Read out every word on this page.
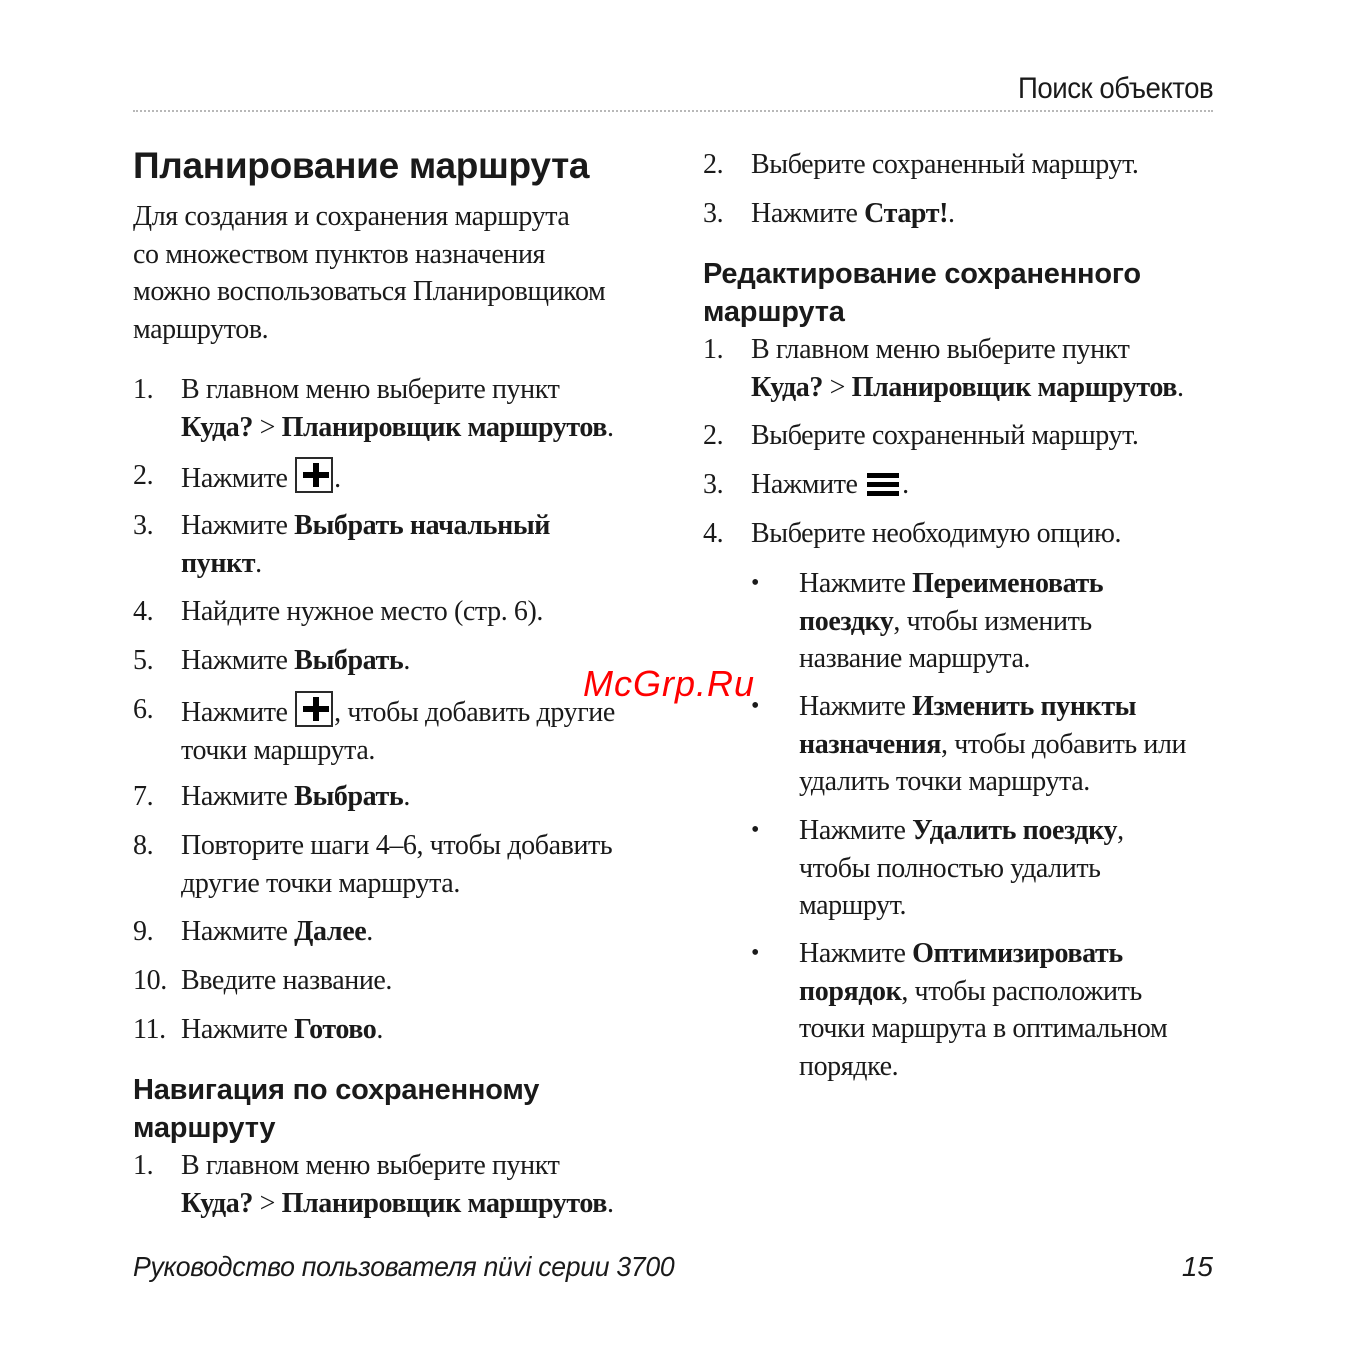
Поиск объектов
Планирование маршрута
Для создания и сохранения маршрута
со множеством пунктов назначения
можно воспользоваться Планировщиком
маршрутов.
1. В главном меню выберите пункт
Куда? > Планировщик маршрутов.
2. Нажмите .
3. Нажмите Выбрать начальный
пункт.
4. Найдите нужное место (стр. 6).
5. Нажмите Выбрать.
6. Нажмите , чтобы добавить другие
точки маршрута.
7. Нажмите Выбрать.
8. Повторите шаги 4–6, чтобы добавить
другие точки маршрута.
9. Нажмите Далее.
10. Введите название.
11. Нажмите Готово.
Навигация по сохраненному
маршруту
1. В главном меню выберите пункт
Куда? > Планировщик маршрутов.
2. Выберите сохраненный маршрут.
3. Нажмите Старт!.
Редактирование сохраненного
маршрута
1. В главном меню выберите пункт
Куда? > Планировщик маршрутов.
2. Выберите сохраненный маршрут.
3. Нажмите
.
4. Выберите необходимую опцию.
• Нажмите Переименовать
поездку, чтобы изменить
название маршрута.
• Нажмите Изменить пункты
назначения, чтобы добавить или
удалить точки маршрута.
• Нажмите Удалить поездку,
чтобы полностью удалить
маршрут.
• Нажмите Оптимизировать
порядок, чтобы расположить
точки маршрута в оптимальном
порядке.
McGrp.Ru
Руководство пользователя nüvi серии 3700	15
